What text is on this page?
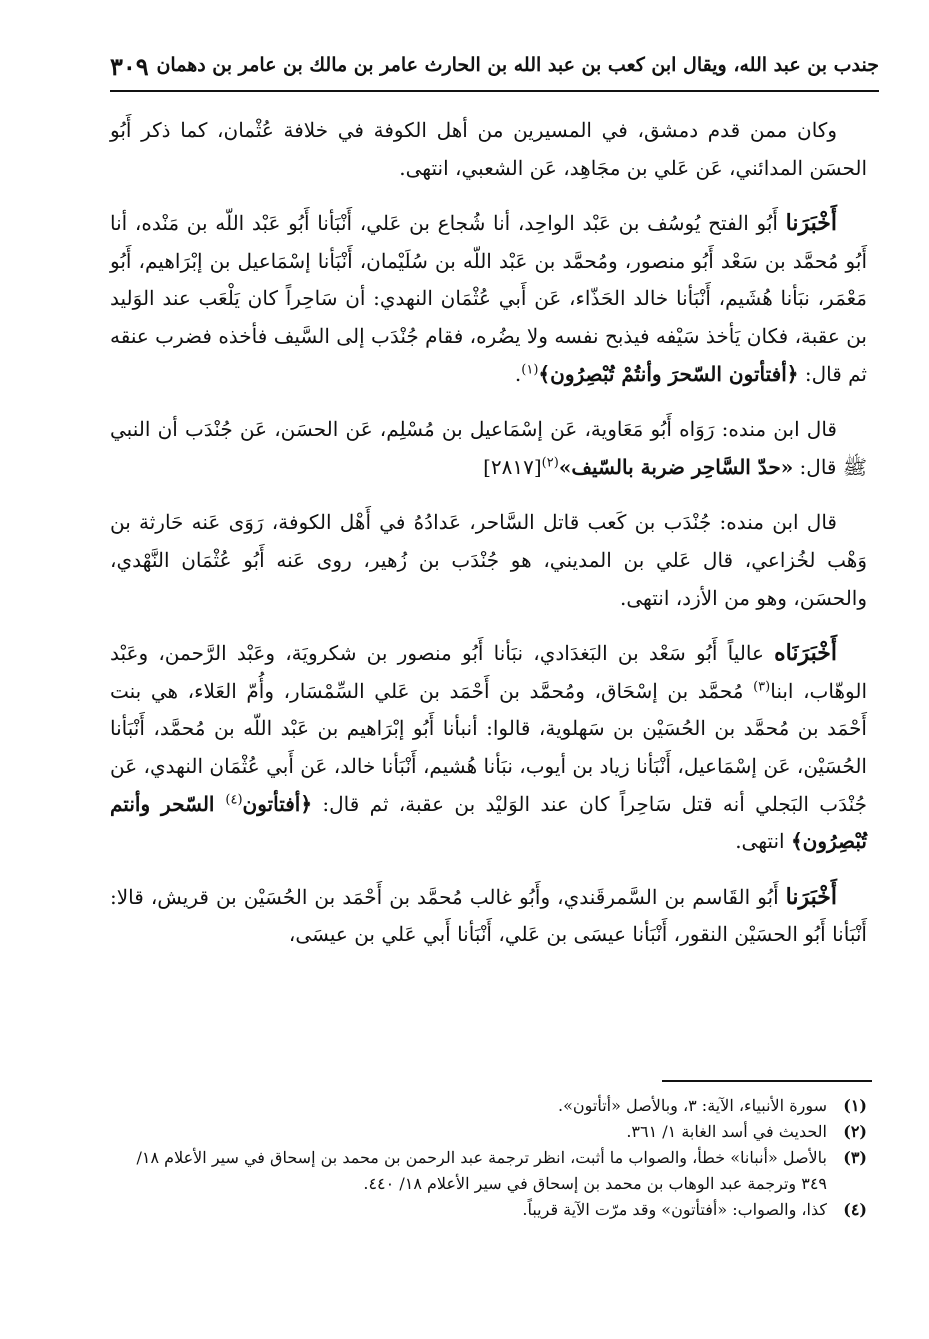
جندب بن عبد الله، ويقال ابن كعب بن عبد الله بن الحارث عامر بن مالك بن عامر بن دهمان
٣٠٩

وكان ممن قدم دمشق، في المسيرين من أهل الكوفة في خلافة عُثْمان، كما ذكر أَبُو الحسَن المدائني، عَن عَلي بن مجَاهِد، عَن الشعبي، انتهى.

أَخْبَرَنا أَبُو الفتح يُوسُف بن عَبْد الواحِد، أنا شُجاع بن عَلي، أَنْبَأنا أَبُو عَبْد اللّه بن مَنْده، أنا أَبُو مُحمَّد بن سَعْد أَبُو منصور، ومُحمَّد بن عَبْد اللّه بن سُلَيْمان، أَنْبَأنا إسْمَاعيل بن إبْرَاهيم، أَبُو مَعْمَر، نبَأنا هُشَيم، أَنْبَأنا خالد الحَذّاء، عَن أَبي عُثْمَان النهدي: أن سَاحِراً كان يَلْعَب عند الوَليد بن عقبة، فكان يَأخذ سَيْفه فيذبح نفسه ولا يضُره، فقام جُنْدَب إلى السَّيف فأخذه فضرب عنقه ثم قال: ﴿أفتأتون السّحرَ وأنتُمْ تُبْصِرُون﴾$^{(١)}$.

قال ابن منده: رَوَاه أَبُو مَعَاوية، عَن إسْمَاعيل بن مُسْلِم، عَن الحسَن، عَن جُنْدَب أن النبي ﷺ قال: «حدّ السَّاحِر ضربة بالسّيف»$^{(٢)}$[٢٨١٧]

قال ابن منده: جُنْدَب بن كَعب قاتل السَّاحر، عَدادُهُ في أَهْل الكوفة، رَوَى عَنه حَارثة بن وَهْب لخُزاعي، قال عَلي بن المديني، هو جُنْدَب بن زُهير، روى عَنه أَبُو عُثْمَان النَّهْدي، والحسَن، وهو من الأزد، انتهى.

أَخْبَرَنَاه عالياً أَبُو سَعْد بن البَغدَادي، نبَأنا أَبُو منصور بن شكرويَة، وعَبْد الرَّحمن، وعَبْد الوهّاب، ابنا$^{(٣)}$ مُحمَّد بن إسْحَاق، ومُحمَّد بن أَحْمَد بن عَلي السِّمْسَار، وأُمّ العَلاء، هي بنت أَحْمَد بن مُحمَّد بن الحُسَيْن بن سَهلوية، قالوا: أنبأنا أَبُو إبْرَاهيم بن عَبْد اللّه بن مُحمَّد، أَنْبَأنا الحُسَيْن، عَن إسْمَاعيل، أَنْبَأنا زياد بن أيوب، نبَأنا هُشيم، أَنْبَأنا خالد، عَن أَبي عُثْمَان النهدي، عَن جُنْدَب البَجلي أنه قتل سَاحِراً كان عند الوَليْد بن عقبة، ثم قال: ﴿أفتأتون$^{(٤)}$ السّحر وأنتم تُبْصِرُون﴾ انتهى.

أَخْبَرَنا أَبُو القَاسم بن السَّمرقَندي، وأَبُو غالب مُحمَّد بن أَحْمَد بن الحُسَيْن بن قريش، قالا: أَنْبَأنا أَبُو الحسَيْن النقور، أَنْبَأنا عيسَى بن عَلي، أَنْبَأنا أَبي عَلي بن عيسَى،

(١)
سورة الأنبياء، الآية: ٣، وبالأصل «أتأتون».
(٢)
الحديث في أسد الغابة ١/ ٣٦١.
(٣)
بالأصل «أنبانا» خطأ، والصواب ما أثبت، انظر ترجمة عبد الرحمن بن محمد بن إسحاق في سير الأعلام ١٨/ ٣٤٩ وترجمة عبد الوهاب بن محمد بن إسحاق في سير الأعلام ١٨/ ٤٤٠.
(٤)
كذا، والصواب: «أفتأتون» وقد مرّت الآية قريباً.
